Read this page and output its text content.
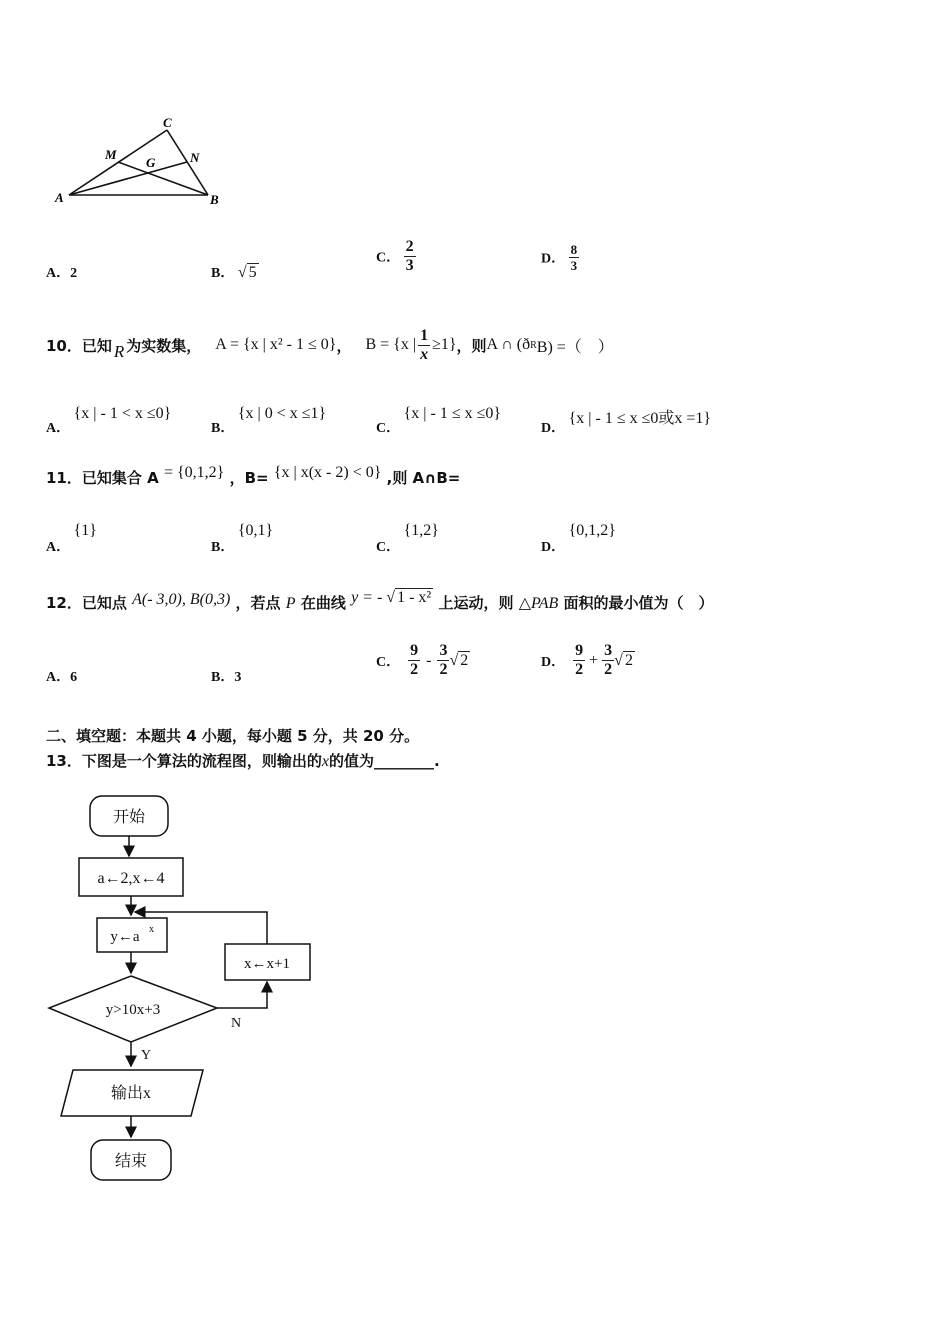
A	B
C
M	N
G
A．2	B． √ 5
C． $\frac{2}{3}$	D． $\frac{8}{3}$
10． 已知 R 为实数集， A = {x | x² - 1 ≤ 0} ， B = {x | $\frac{1}{x} \ge 1$} ，则 A ∩ (ð R B) =（　）
A． {x | - 1 < x ≤0}
B． {x | 0 < x ≤1}
C． {x | - 1 ≤ x ≤0}
D． {x | - 1 ≤ x ≤0或x =1}
11．已知集合 A = {0,1,2} ，B= {x | x(x - 2) < 0} ,则 A∩B=
A． {1}
B． {0,1}
C． {1,2}
D． {0,1,2}
12．已知点 A(- 3,0), B(0,3) ，若点 P 在曲线 y = - √ 1 - x² 上运动，则 △PAB 面积的最小值为（　）
A．6	B．3
C． $\frac{9}{2} - \frac{3}{2}$ √ 2	D． $\frac{9}{2} + \frac{3}{2}$ √ 2
二、填空题：本题共 4 小题，每小题 5 分，共 20 分。
13．下图是一个算法的流程图，则输出的x的值为________.
开始
a←2,x←4
y←a x
y>10x+3
x←x+1
N
Y
输出x
结束
